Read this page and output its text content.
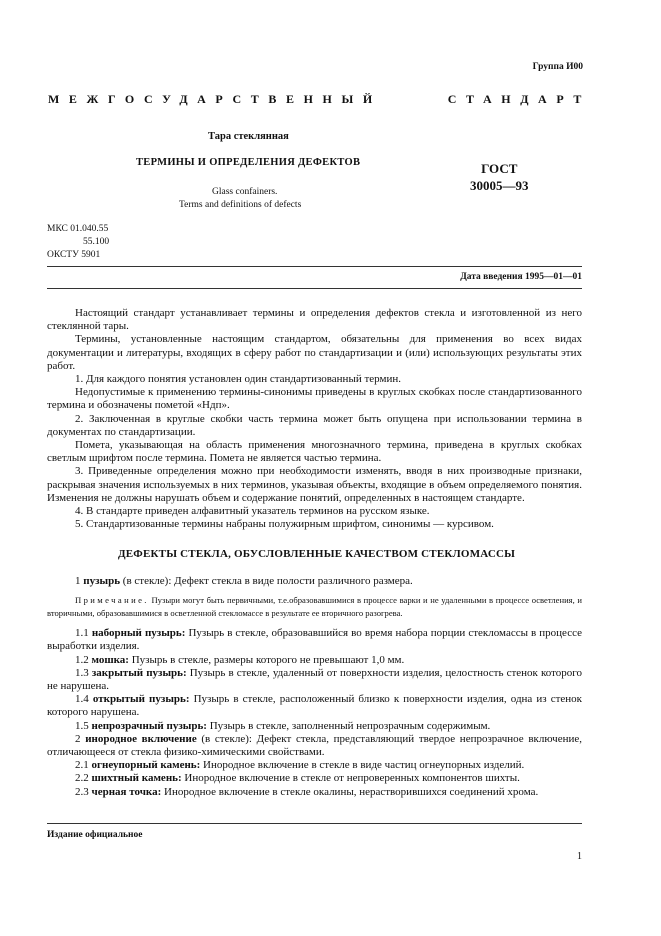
Группа И00
МЕЖГОСУДАРСТВЕННЫЙ	СТАНДАРТ
Тара стеклянная
ТЕРМИНЫ И ОПРЕДЕЛЕНИЯ ДЕФЕКТОВ	ГОСТ
30005—93
Glass confainers.
Terms and definitions of defects
МКС 01.040.55
55.100
ОКСТУ 5901
Дата введения 1995—01—01

Настоящий стандарт устанавливает термины и определения дефектов стекла и изготовленной из него стеклянной тары.

Термины, установленные настоящим стандартом, обязательны для применения во всех видах документации и литературы, входящих в сферу работ по стандартизации и (или) использующих результаты этих работ.

1. Для каждого понятия установлен один стандартизованный термин.

Недопустимые к применению термины-синонимы приведены в круглых скобках после стандартизованного термина и обозначены пометой «Ндп».

2. Заключенная в круглые скобки часть термина может быть опущена при использовании термина в документах по стандартизации.

Помета, указывающая на область применения многозначного термина, приведена в круглых скобках светлым шрифтом после термина. Помета не является частью термина.

3. Приведенные определения можно при необходимости изменять, вводя в них производные признаки, раскрывая значения используемых в них терминов, указывая объекты, входящие в объем определяемого понятия. Изменения не должны нарушать объем и содержание понятий, определенных в настоящем стандарте.

4. В стандарте приведен алфавитный указатель терминов на русском языке.

5. Стандартизованные термины набраны полужирным шрифтом, синонимы — курсивом.

ДЕФЕКТЫ СТЕКЛА, ОБУСЛОВЛЕННЫЕ КАЧЕСТВОМ СТЕКЛОМАССЫ

1 пузырь (в стекле): Дефект стекла в виде полости различного размера.

Примечание. Пузыри могут быть первичными, т.е.образовавшимися в процессе варки и не удаленными в процессе осветления, и вторичными, образовавшимися в осветленной стекломассе в результате ее вторичного разогрева.

1.1 наборный пузырь: Пузырь в стекле, образовавшийся во время набора порции стекломассы в процессе выработки изделия.

1.2 мошка: Пузырь в стекле, размеры которого не превышают 1,0 мм.

1.3 закрытый пузырь: Пузырь в стекле, удаленный от поверхности изделия, целостность стенок которого не нарушена.

1.4 открытый пузырь: Пузырь в стекле, расположенный близко к поверхности изделия, одна из стенок которого нарушена.

1.5 непрозрачный пузырь: Пузырь в стекле, заполненный непрозрачным содержимым.

2 инородное включение (в стекле): Дефект стекла, представляющий твердое непрозрачное включение, отличающееся от стекла физико-химическими свойствами.

2.1 огнеупорный камень: Инородное включение в стекле в виде частиц огнеупорных изделий.

2.2 шихтный камень: Инородное включение в стекле от непроверенных компонентов шихты.

2.3 черная точка: Инородное включение в стекле окалины, нерастворившихся соединений хрома.

Издание официальное
1
